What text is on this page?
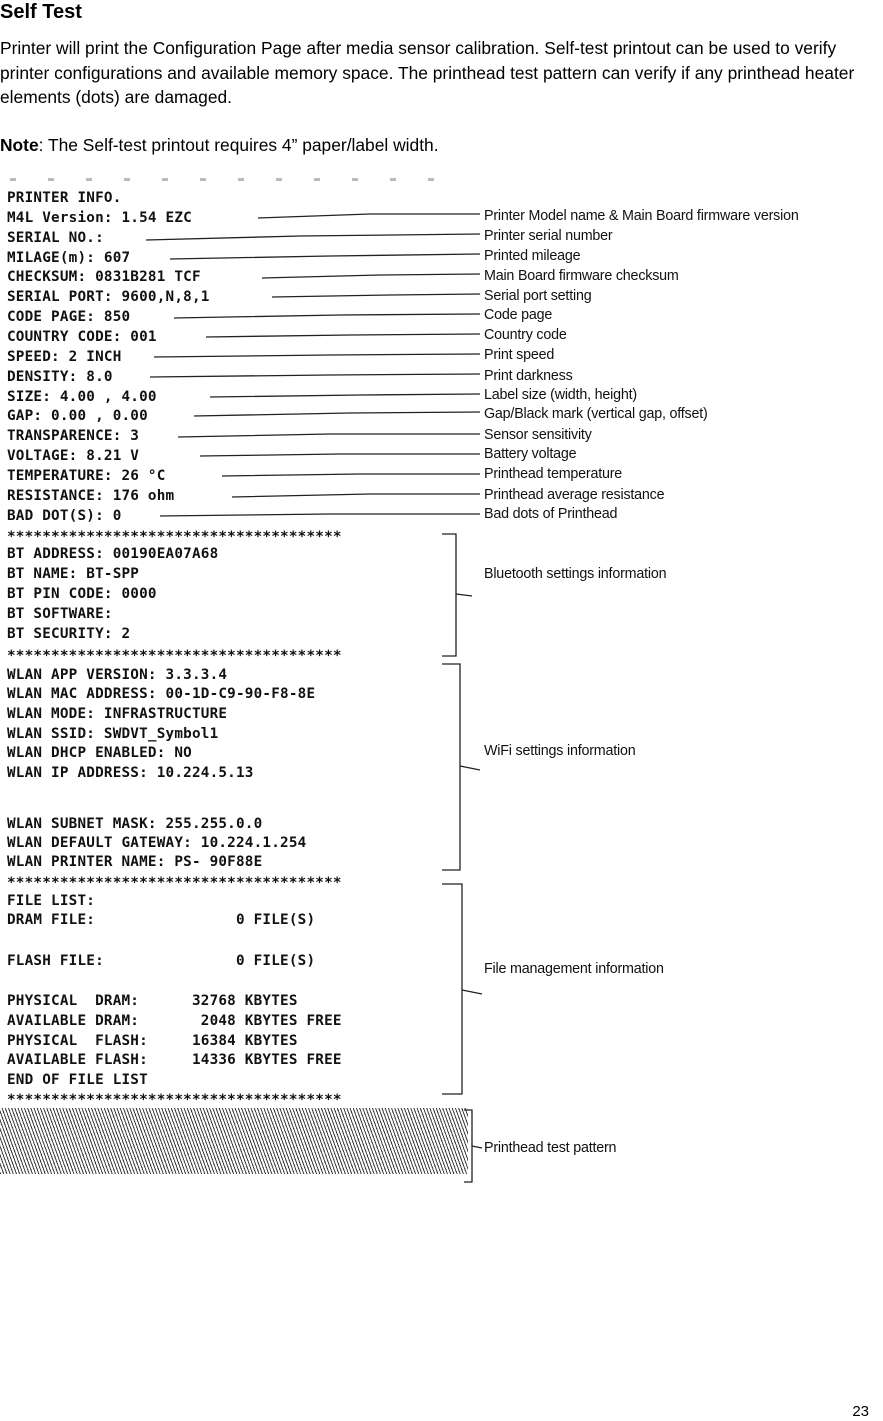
Self Test
Printer will print the Configuration Page after media sensor calibration. Self-test printout can be used to verify printer configurations and available memory space. The printhead test pattern can verify if any printhead heater elements (dots) are damaged.
Note: The Self-test printout requires 4” paper/label width.
PRINTER INFO.
M4L Version: 1.54 EZC
SERIAL NO.:
MILAGE(m): 607
CHECKSUM: 0831B281 TCF
SERIAL PORT: 9600,N,8,1
CODE PAGE: 850
COUNTRY CODE: 001
SPEED: 2 INCH
DENSITY: 8.0
SIZE: 4.00 , 4.00
GAP: 0.00 , 0.00
TRANSPARENCE: 3
VOLTAGE: 8.21 V
TEMPERATURE: 26 °C
RESISTANCE: 176 ohm
BAD DOT(S): 0
**************************************
BT ADDRESS: 00190EA07A68
BT NAME: BT-SPP
BT PIN CODE: 0000
BT SOFTWARE:
BT SECURITY: 2
**************************************
WLAN APP VERSION: 3.3.3.4
WLAN MAC ADDRESS: 00-1D-C9-90-F8-8E
WLAN MODE: INFRASTRUCTURE
WLAN SSID: SWDVT_Symbol1
WLAN DHCP ENABLED: NO
WLAN IP ADDRESS: 10.224.5.13
WLAN SUBNET MASK: 255.255.0.0
WLAN DEFAULT GATEWAY: 10.224.1.254
WLAN PRINTER NAME: PS- 90F88E
**************************************
FILE LIST:
DRAM FILE:                0 FILE(S)
FLASH FILE:               0 FILE(S)
PHYSICAL  DRAM:      32768 KBYTES
AVAILABLE DRAM:       2048 KBYTES FREE
PHYSICAL  FLASH:     16384 KBYTES
AVAILABLE FLASH:     14336 KBYTES FREE
END OF FILE LIST
**************************************
Printer Model name & Main Board firmware version
Printer serial number
Printed mileage
Main Board firmware checksum
Serial port setting
Code page
Country code
Print speed
Print darkness
Label size (width, height)
Gap/Black mark (vertical gap, offset)
Sensor sensitivity
Battery voltage
Printhead temperature
Printhead average resistance
Bad dots of Printhead
Bluetooth settings information
WiFi settings information
File management information
Printhead test pattern
23
